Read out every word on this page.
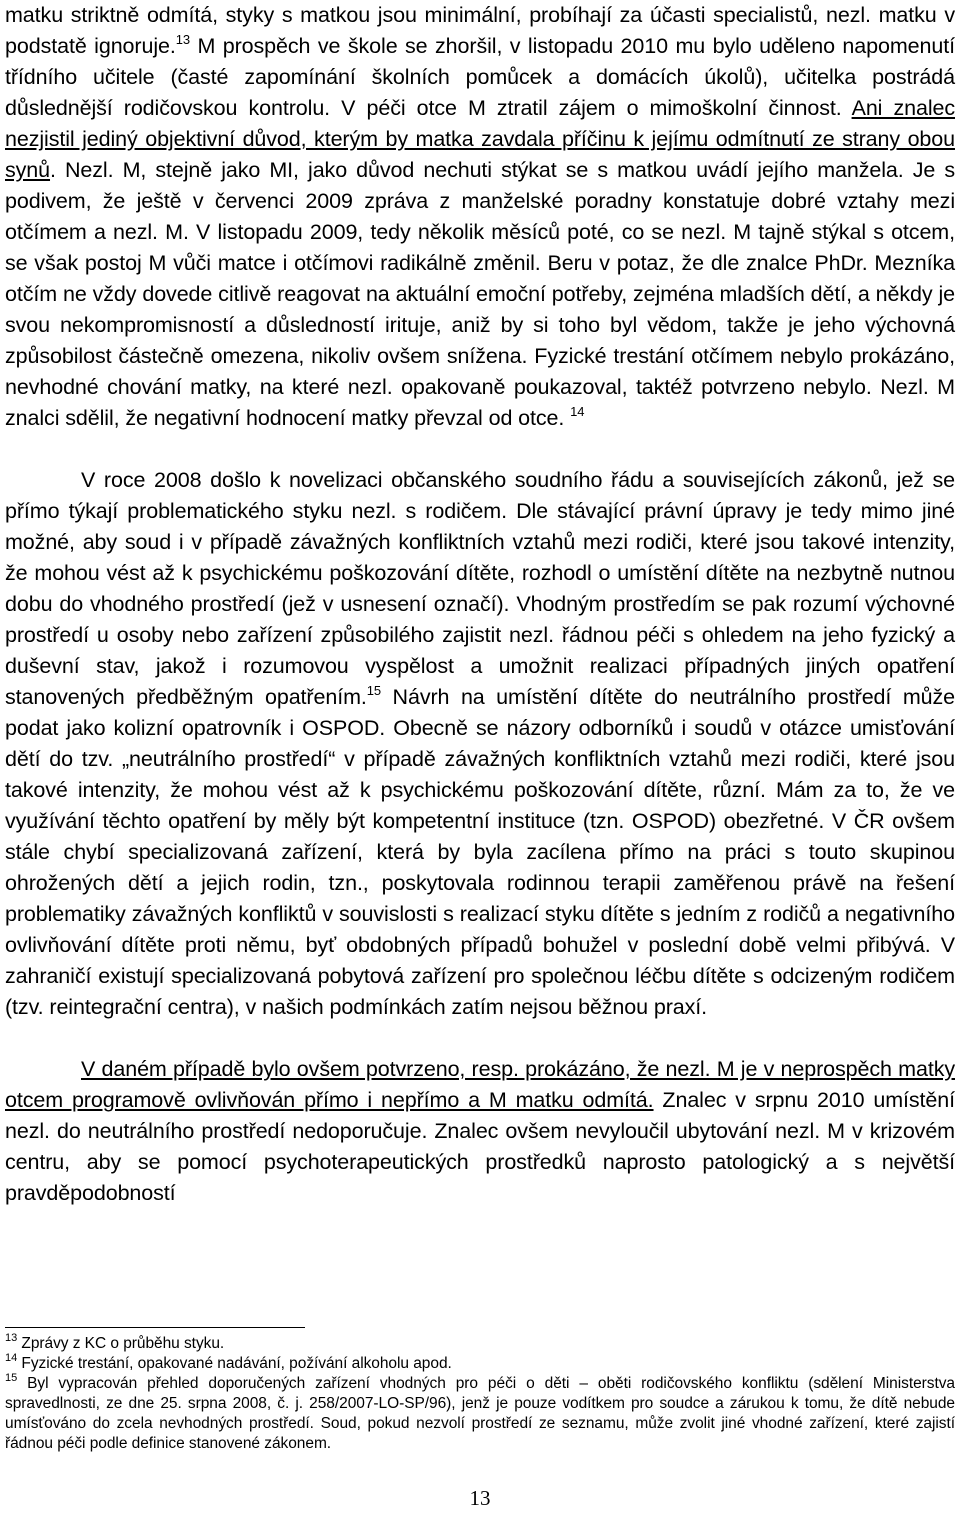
matku striktně odmítá, styky s matkou jsou minimální, probíhají za účasti specialistů, nezl. matku v podstatě ignoruje.$^{13}$ M prospěch ve škole se zhoršil, v listopadu 2010 mu bylo uděleno napomenutí třídního učitele (časté zapomínání školních pomůcek a domácích úkolů), učitelka postrádá důslednější rodičovskou kontrolu. V péči otce M ztratil zájem o mimoškolní činnost. Ani znalec nezjistil jediný objektivní důvod, kterým by matka zavdala příčinu k jejímu odmítnutí ze strany obou synů. Nezl. M, stejně jako MI, jako důvod nechuti stýkat se s matkou uvádí jejího manžela. Je s podivem, že ještě v červenci 2009 zpráva z manželské poradny konstatuje dobré vztahy mezi otčímem a nezl. M. V listopadu 2009, tedy několik měsíců poté, co se nezl. M tajně stýkal s otcem, se však postoj M vůči matce i otčímovi radikálně změnil. Beru v potaz, že dle znalce PhDr. Mezníka otčím ne vždy dovede citlivě reagovat na aktuální emoční potřeby, zejména mladších dětí, a někdy je svou nekompromisností a důsledností irituje, aniž by si toho byl vědom, takže je jeho výchovná způsobilost částečně omezena, nikoliv ovšem snížena. Fyzické trestání otčímem nebylo prokázáno, nevhodné chování matky, na které nezl. opakovaně poukazoval, taktéž potvrzeno nebylo. Nezl. M znalci sdělil, že negativní hodnocení matky převzal od otce. $^{14}$

V roce 2008 došlo k novelizaci občanského soudního řádu a souvisejících zákonů, jež se přímo týkají problematického styku nezl. s rodičem. Dle stávající právní úpravy je tedy mimo jiné možné, aby soud i v případě závažných konfliktních vztahů mezi rodiči, které jsou takové intenzity, že mohou vést až k psychickému poškozování dítěte, rozhodl o umístění dítěte na nezbytně nutnou dobu do vhodného prostředí (jež v usnesení označí). Vhodným prostředím se pak rozumí výchovné prostředí u osoby nebo zařízení způsobilého zajistit nezl. řádnou péči s ohledem na jeho fyzický a duševní stav, jakož i rozumovou vyspělost a umožnit realizaci případných jiných opatření stanovených předběžným opatřením.$^{15}$ Návrh na umístění dítěte do neutrálního prostředí může podat jako kolizní opatrovník i OSPOD. Obecně se názory odborníků i soudů v otázce umisťování dětí do tzv. „neutrálního prostředí“ v případě závažných konfliktních vztahů mezi rodiči, které jsou takové intenzity, že mohou vést až k psychickému poškozování dítěte, různí. Mám za to, že ve využívání těchto opatření by měly být kompetentní instituce (tzn. OSPOD) obezřetné. V ČR ovšem stále chybí specializovaná zařízení, která by byla zacílena přímo na práci s touto skupinou ohrožených dětí a jejich rodin, tzn., poskytovala rodinnou terapii zaměřenou právě na řešení problematiky závažných konfliktů v souvislosti s realizací styku dítěte s jedním z rodičů a negativního ovlivňování dítěte proti němu, byť obdobných případů bohužel v poslední době velmi přibývá. V zahraničí existují specializovaná pobytová zařízení pro společnou léčbu dítěte s odcizeným rodičem (tzv. reintegrační centra), v našich podmínkách zatím nejsou běžnou praxí.

V daném případě bylo ovšem potvrzeno, resp. prokázáno, že nezl. M je v neprospěch matky otcem programově ovlivňován přímo i nepřímo a M matku odmítá. Znalec v srpnu 2010 umístění nezl. do neutrálního prostředí nedoporučuje. Znalec ovšem nevyloučil ubytování nezl. M v krizovém centru, aby se pomocí psychoterapeutických prostředků naprosto patologický a s největší pravděpodobností

$^{13}$ Zprávy z KC o průběhu styku.

$^{14}$ Fyzické trestání, opakované nadávání, požívání alkoholu apod.

$^{15}$ Byl vypracován přehled doporučených zařízení vhodných pro péči o děti – oběti rodičovského konfliktu (sdělení Ministerstva spravedlnosti, ze dne 25. srpna 2008, č. j. 258/2007-LO-SP/96), jenž je pouze vodítkem pro soudce a zárukou k tomu, že dítě nebude umísťováno do zcela nevhodných prostředí. Soud, pokud nezvolí prostředí ze seznamu, může zvolit jiné vhodné zařízení, které zajistí řádnou péči podle definice stanovené zákonem.

13
